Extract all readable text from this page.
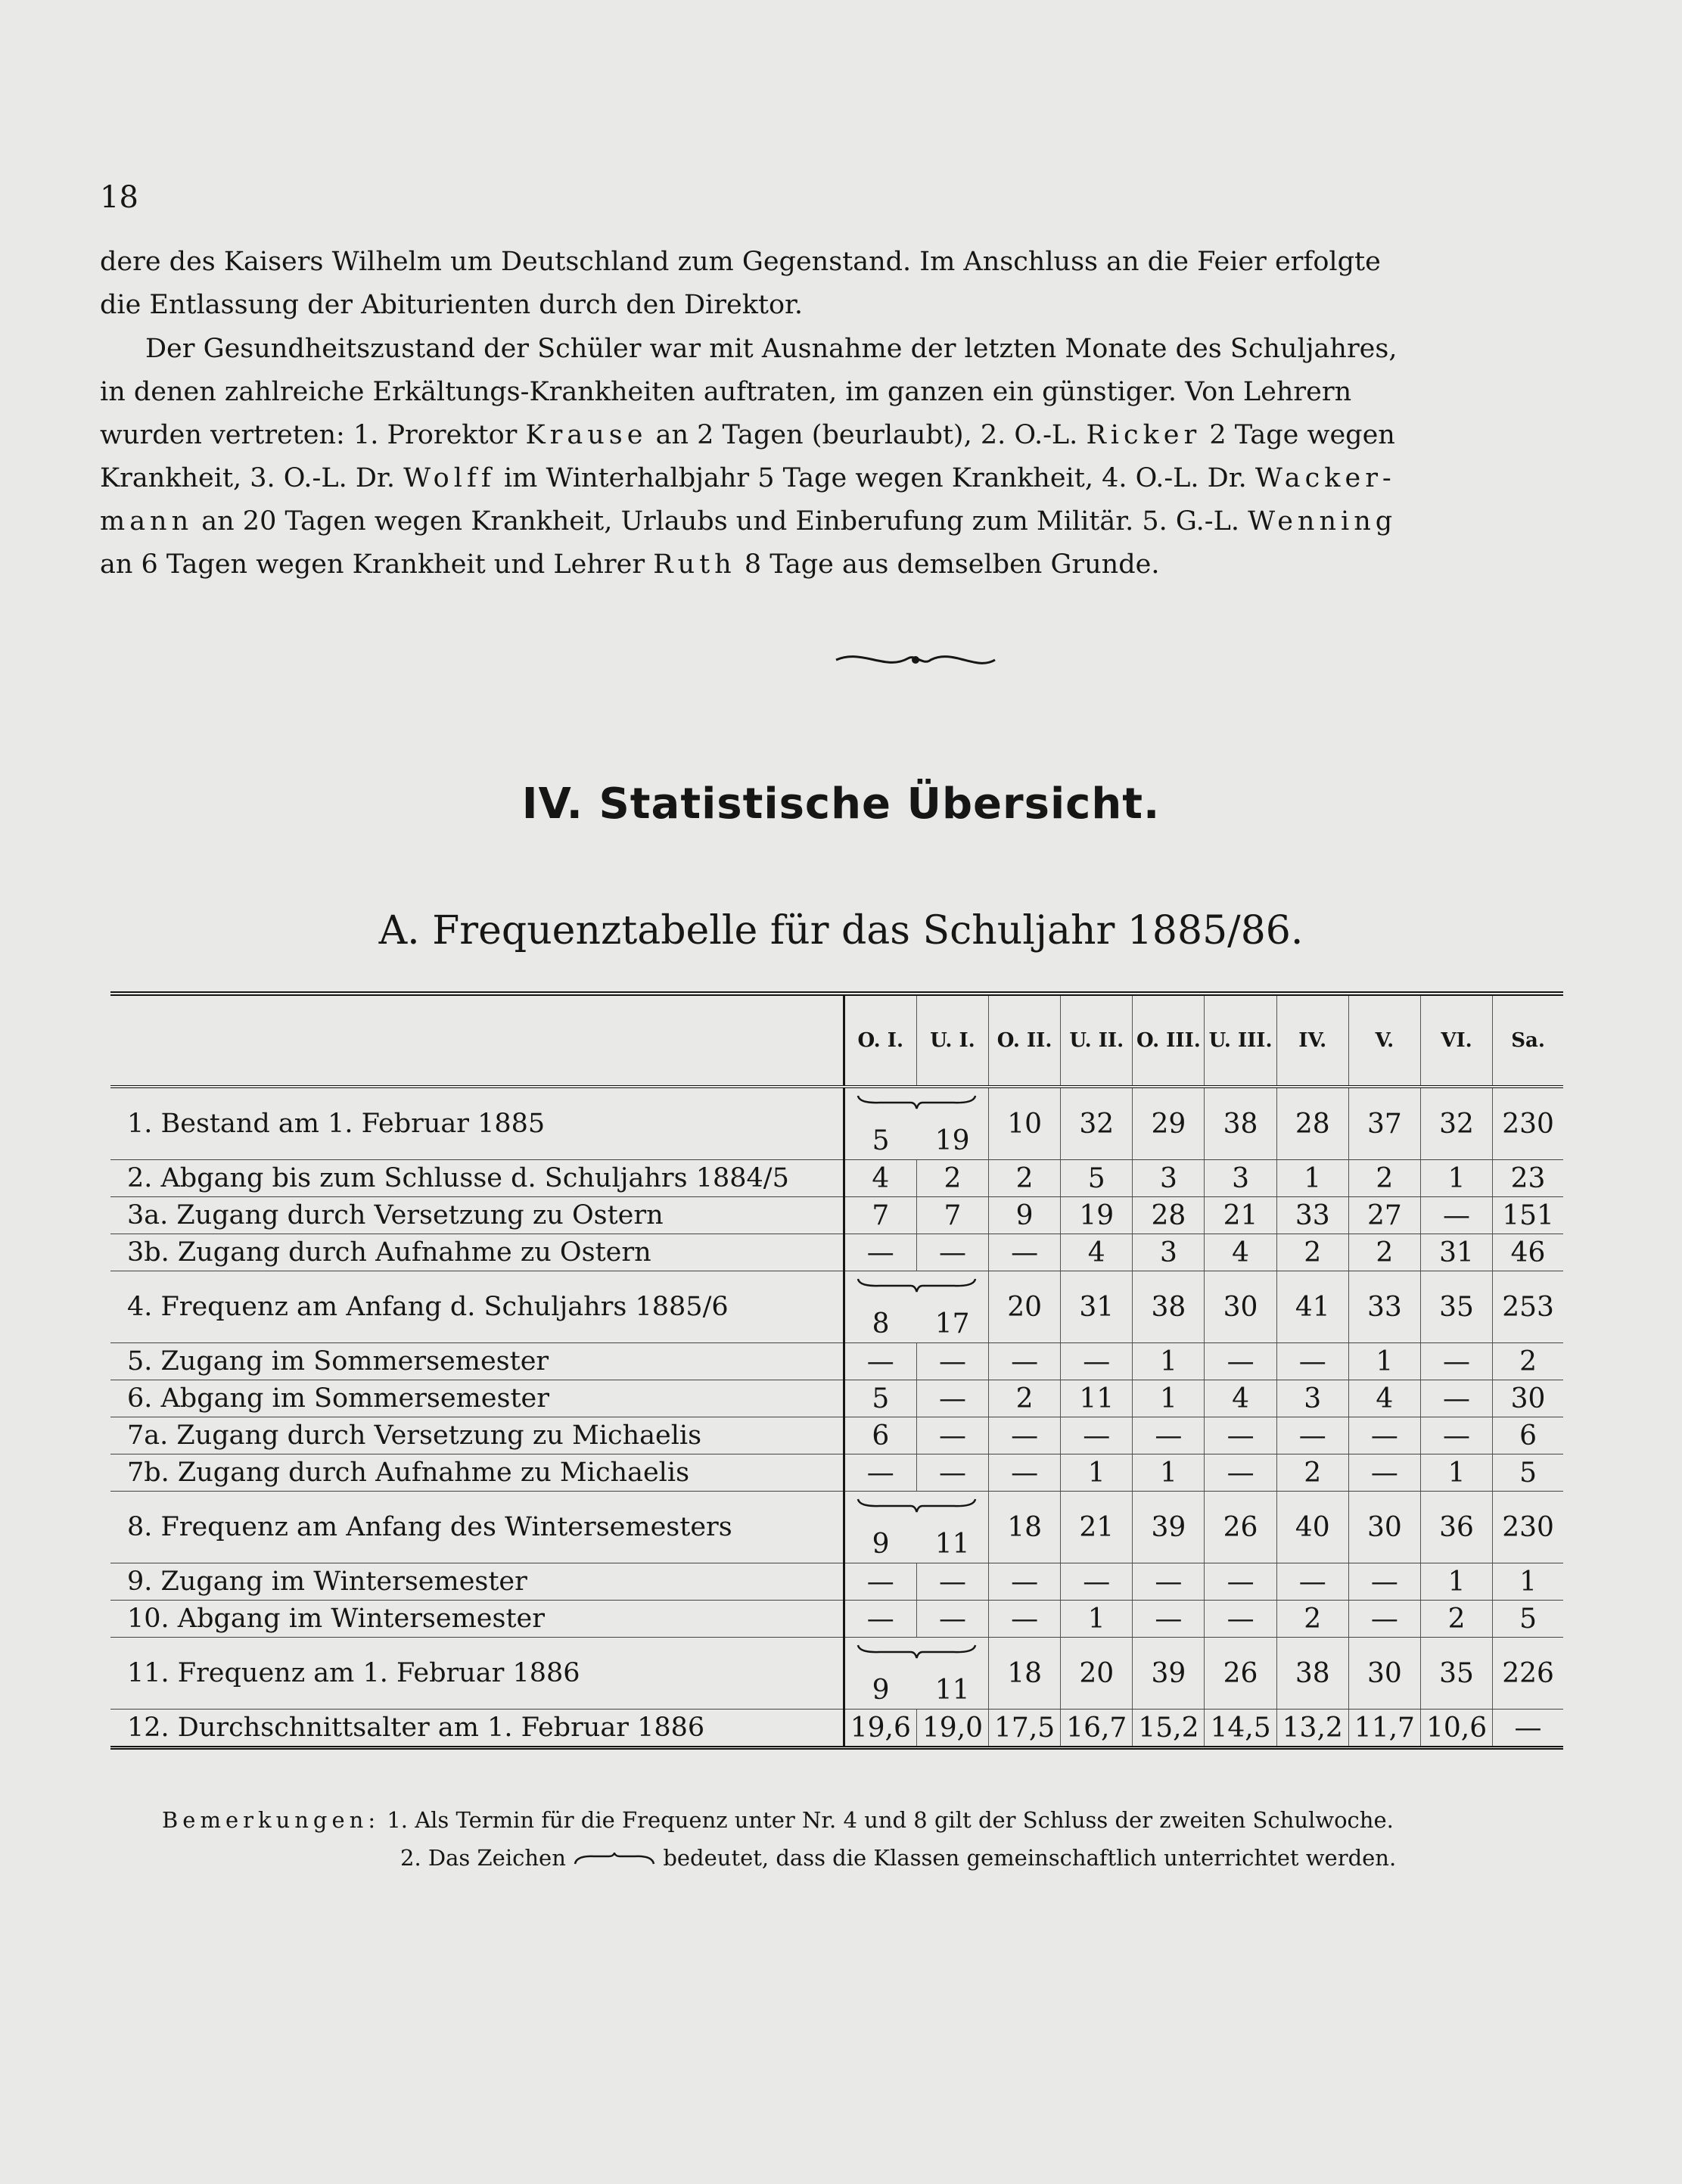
18
dere des Kaisers Wilhelm um Deutschland zum Gegenstand. Im Anschluss an die Feier erfolgte
die Entlassung der Abiturienten durch den Direktor.
Der Gesundheitszustand der Schüler war mit Ausnahme der letzten Monate des Schuljahres,
in denen zahlreiche Erkältungs-Krankheiten auftraten, im ganzen ein günstiger. Von Lehrern
wurden vertreten: 1. Prorektor Krause an 2 Tagen (beurlaubt), 2. O.-L. Ricker 2 Tage wegen
Krankheit, 3. O.-L. Dr. Wolff im Winterhalbjahr 5 Tage wegen Krankheit, 4. O.-L. Dr. Wacker-
mann an 20 Tagen wegen Krankheit, Urlaubs und Einberufung zum Militär. 5. G.-L. Wenning
an 6 Tagen wegen Krankheit und Lehrer Ruth 8 Tage aus demselben Grunde.
IV. Statistische Übersicht.
A. Frequenztabelle für das Schuljahr 1885/86.
	O. I.	U. I.	O. II.	U. II.	O. III.	U. III.	IV.	V.	VI.	Sa.
1. Bestand am 1. Februar 1885	5 19		10	32	29	38	28	37	32	230
2. Abgang bis zum Schlusse d. Schuljahrs 1884/5	4	2	2	5	3	3	1	2	1	23
3a. Zugang durch Versetzung zu Ostern	7	7	9	19	28	21	33	27	—	151
3b. Zugang durch Aufnahme zu Ostern	—	—	—	4	3	4	2	2	31	46
4. Frequenz am Anfang d. Schuljahrs 1885/6	8 17		20	31	38	30	41	33	35	253
5. Zugang im Sommersemester	—	—	—	—	1	—	—	1	—	2
6. Abgang im Sommersemester	5	—	2	11	1	4	3	4	—	30
7a. Zugang durch Versetzung zu Michaelis	6	—	—	—	—	—	—	—	—	6
7b. Zugang durch Aufnahme zu Michaelis	—	—	—	1	1	—	2	—	1	5
8. Frequenz am Anfang des Wintersemesters	9 11		18	21	39	26	40	30	36	230
9. Zugang im Wintersemester	—	—	—	—	—	—	—	—	1	1
10. Abgang im Wintersemester	—	—	—	1	—	—	2	—	2	5
11. Frequenz am 1. Februar 1886	9 11		18	20	39	26	38	30	35	226
12. Durchschnittsalter am 1. Februar 1886	19,6	19,0	17,5	16,7	15,2	14,5	13,2	11,7	10,6	—
Bemerkungen: 1. Als Termin für die Frequenz unter Nr. 4 und 8 gilt der Schluss der zweiten Schulwoche.
2. Das Zeichen	bedeutet, dass die Klassen gemeinschaftlich unterrichtet werden.
